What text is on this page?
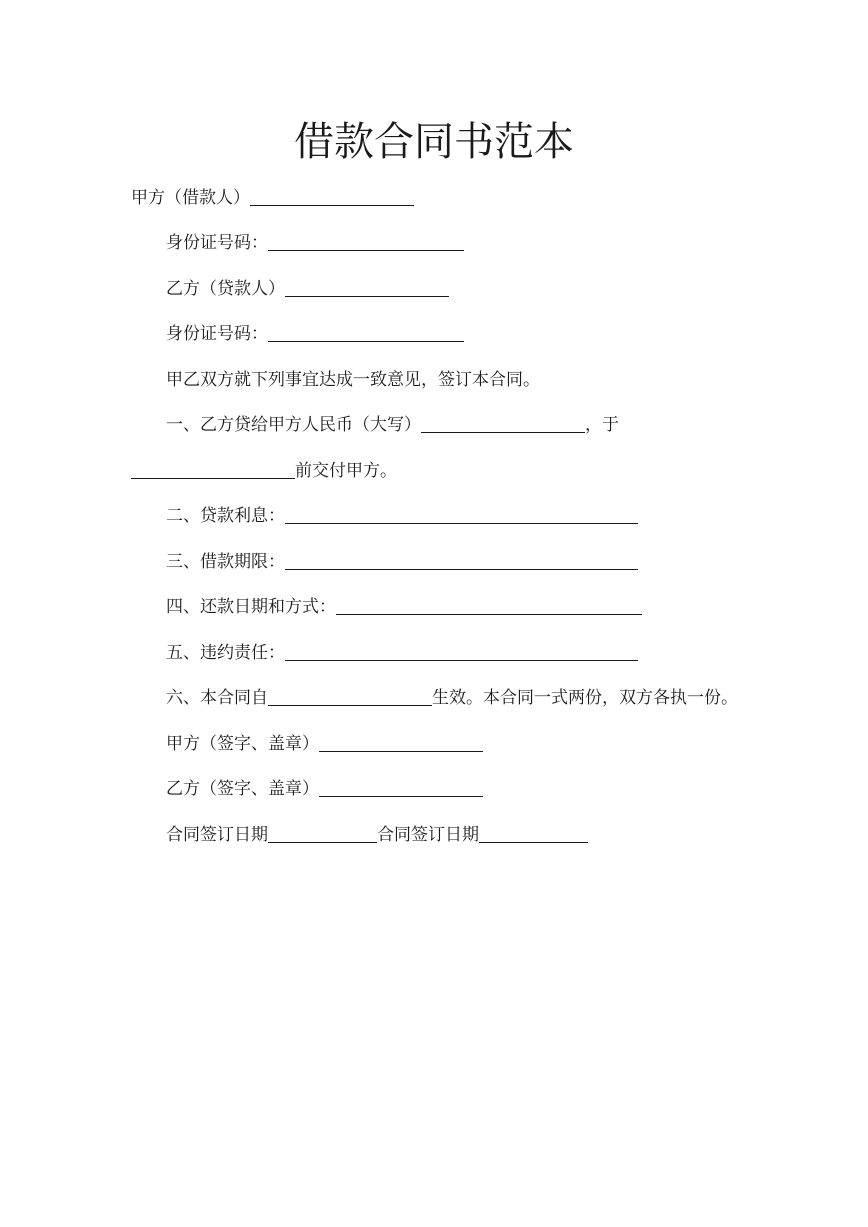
借款合同书范本
甲方（借款人）
身份证号码：
乙方（贷款人）
身份证号码：
甲乙双方就下列事宜达成一致意见，签订本合同。
一、乙方贷给甲方人民币（大写）	，于
前交付甲方。
二、贷款利息：
三、借款期限：
四、还款日期和方式：
五、违约责任：
六、本合同自	生效。本合同一式两份，双方各执一份。
甲方（签字、盖章）
乙方（签字、盖章）
合同签订日期	合同签订日期
